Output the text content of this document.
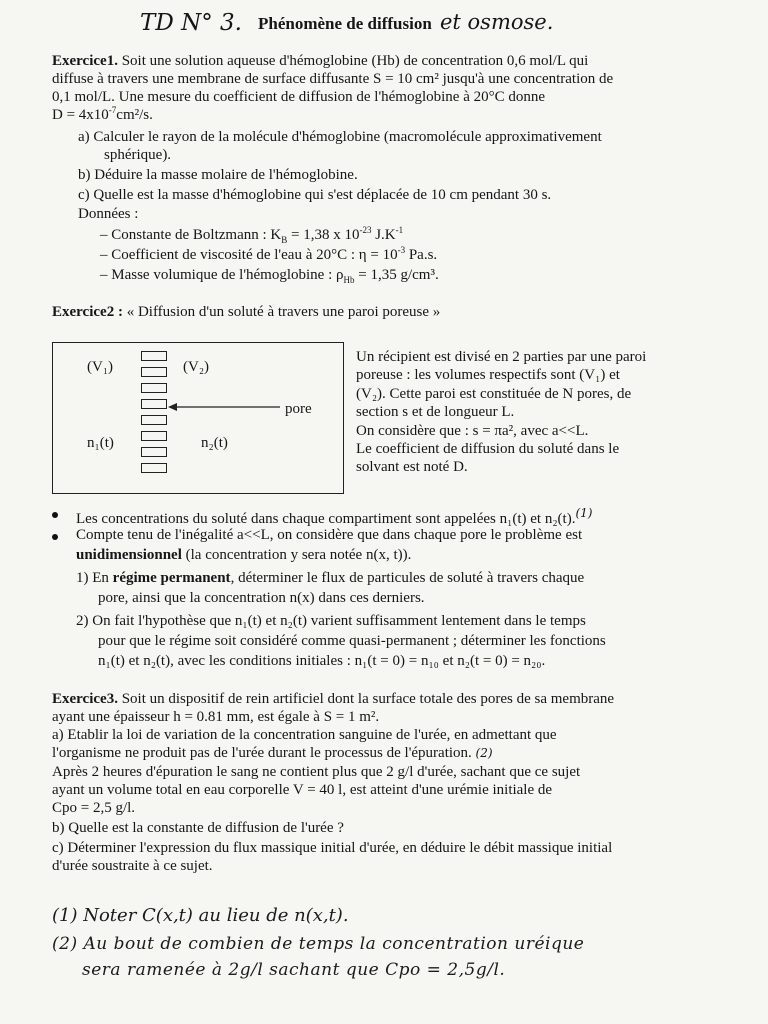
TD N° 3. Phénomène de diffusion et osmose.
Exercice1. Soit une solution aqueuse d'hémoglobine (Hb) de concentration 0,6 mol/L qui
diffuse à travers une membrane de surface diffusante S = 10 cm² jusqu'à une concentration de
0,1 mol/L. Une mesure du coefficient de diffusion de l'hémoglobine à 20°C donne
$D = 4x10^{-7}cm^2/s$.
a) Calculer le rayon de la molécule d'hémoglobine (macromolécule approximativement
sphérique).
b) Déduire la masse molaire de l'hémoglobine.
c) Quelle est la masse d'hémoglobine qui s'est déplacée de 10 cm pendant 30 s.
Données :
– Constante de Boltzmann : $K_B = 1,38$ x $10^{-23}$ $J.K^{-1}$
– Coefficient de viscosité de l'eau à 20°C : $\eta = 10^{-3}$ Pa.s.
– Masse volumique de l'hémoglobine : $\rho_{Hb} = 1,35$ g/cm³.
Exercice2 : « Diffusion d'un soluté à travers une paroi poreuse »
(V₁)	(V₂)
n₁(t)	n₂(t)
pore
Un récipient est divisé en 2 parties par une paroi
poreuse : les volumes respectifs sont (V₁) et
(V₂). Cette paroi est constituée de N pores, de
section s et de longueur L.
On considère que : s = πa², avec a<<L.
Le coefficient de diffusion du soluté dans le
solvant est noté D.
Les concentrations du soluté dans chaque compartiment sont appelées n₁(t) et n₂(t).$^{(1)}$
Compte tenu de l'inégalité a<<L, on considère que dans chaque pore le problème est
unidimensionnel (la concentration y sera notée n(x, t)).
1) En régime permanent, déterminer le flux de particules de soluté à travers chaque
pore, ainsi que la concentration n(x) dans ces derniers.
2) On fait l'hypothèse que n₁(t) et n₂(t) varient suffisamment lentement dans le temps
pour que le régime soit considéré comme quasi-permanent ; déterminer les fonctions
n₁(t) et n₂(t), avec les conditions initiales : n₁(t = 0) = n₁₀ et n₂(t = 0) = n₂₀.
Exercice3. Soit un dispositif de rein artificiel dont la surface totale des pores de sa membrane
ayant une épaisseur h = 0.81 mm, est égale à S = 1 m².
a) Etablir la loi de variation de la concentration sanguine de l'urée, en admettant que
l'organisme ne produit pas de l'urée durant le processus de l'épuration. (2)
Après 2 heures d'épuration le sang ne contient plus que 2 g/l d'urée, sachant que ce sujet
ayant un volume total en eau corporelle V = 40 l, est atteint d'une urémie initiale de
Cpo = 2,5 g/l.
b) Quelle est la constante de diffusion de l'urée ?
c) Déterminer l'expression du flux massique initial d'urée, en déduire le débit massique initial
d'urée soustraite à ce sujet.
(1) Noter C(x,t) au lieu de n(x,t).
(2) Au bout de combien de temps la concentration uréique
sera ramenée à 2g/l sachant que Cpo = 2,5g/l.
